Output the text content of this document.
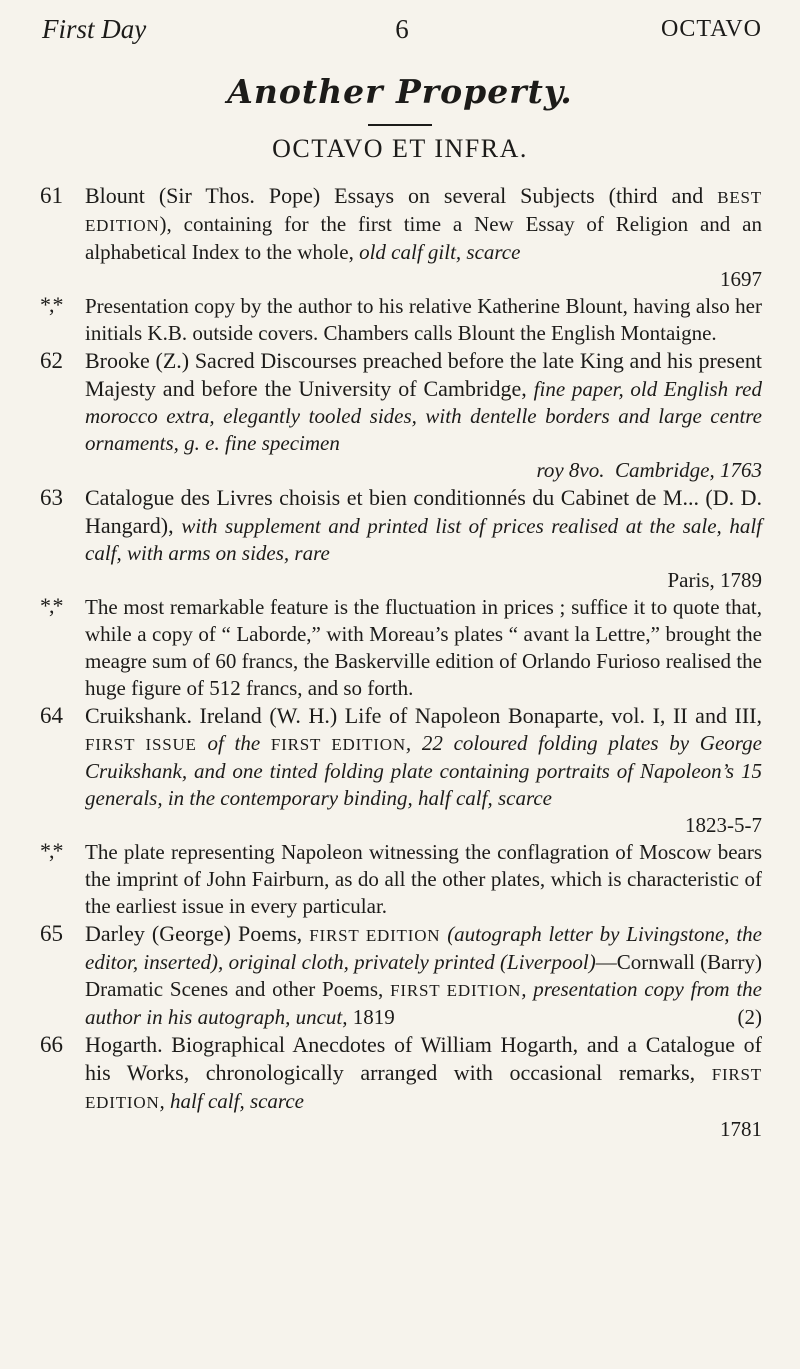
First Day	6	OCTAVO
Another Property.
OCTAVO ET INFRA.
61 Blount (Sir Thos. Pope) Essays on several Subjects (third and BEST EDITION), containing for the first time a New Essay of Religion and an alphabetical Index to the whole, old calf gilt, scarce
1697
*,* Presentation copy by the author to his relative Katherine Blount, having also her initials K.B. outside covers. Chambers calls Blount the English Montaigne.
62 Brooke (Z.) Sacred Discourses preached before the late King and his present Majesty and before the University of Cambridge, fine paper, old English red morocco extra, elegantly tooled sides, with dentelle borders and large centre ornaments, g. e. fine specimen
roy 8vo. Cambridge, 1763
63 Catalogue des Livres choisis et bien conditionnés du Cabinet de M... (D. D. Hangard), with supplement and printed list of prices realised at the sale, half calf, with arms on sides, rare
Paris, 1789
*,* The most remarkable feature is the fluctuation in prices ; suffice it to quote that, while a copy of “ Laborde,” with Moreau’s plates “ avant la Lettre,” brought the meagre sum of 60 francs, the Baskerville edition of Orlando Furioso realised the huge figure of 512 francs, and so forth.
64 Cruikshank. Ireland (W. H.) Life of Napoleon Bonaparte, vol. I, II and III, FIRST ISSUE of the FIRST EDITION, 22 coloured folding plates by George Cruikshank, and one tinted folding plate containing portraits of Napoleon’s 15 generals, in the contemporary binding, half calf, scarce
1823-5-7
*,* The plate representing Napoleon witnessing the conflagration of Moscow bears the imprint of John Fairburn, as do all the other plates, which is characteristic of the earliest issue in every particular.
65 Darley (George) Poems, FIRST EDITION (autograph letter by Livingstone, the editor, inserted), original cloth, privately printed (Liverpool)—Cornwall (Barry) Dramatic Scenes and other Poems, FIRST EDITION, presentation copy from the author in his autograph, uncut, 1819	(2)
66 Hogarth. Biographical Anecdotes of William Hogarth, and a Catalogue of his Works, chronologically arranged with occasional remarks, FIRST EDITION, half calf, scarce
1781
